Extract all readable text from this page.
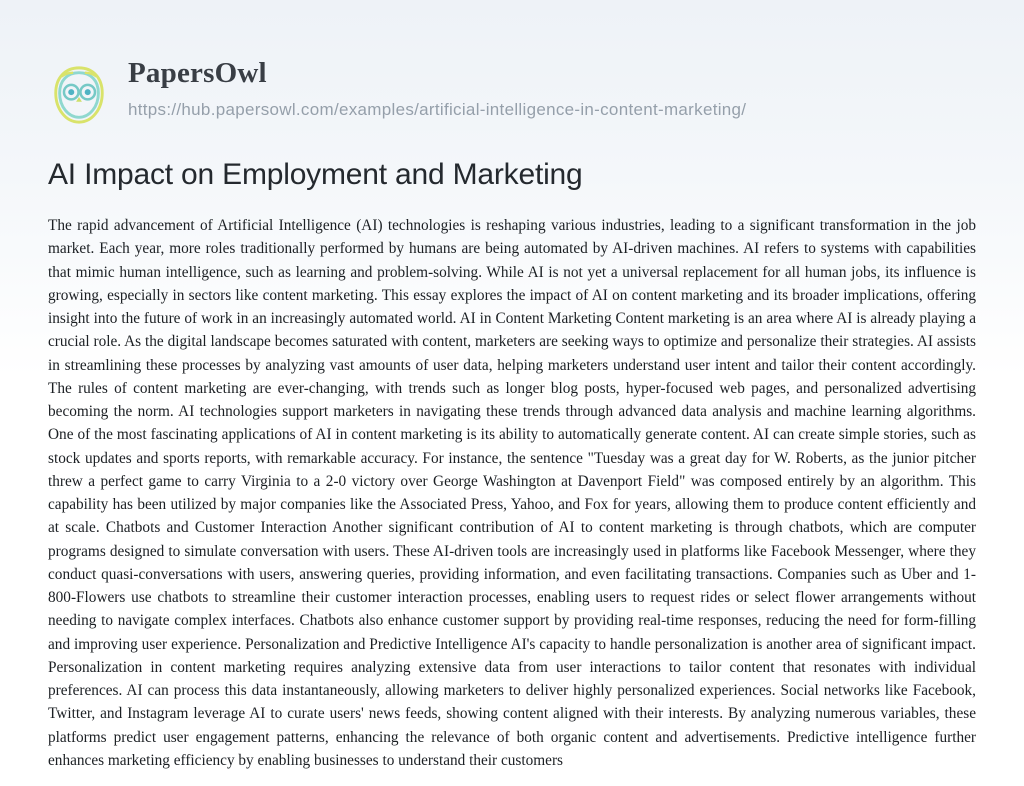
PapersOwl
https://hub.papersowl.com/examples/artificial-intelligence-in-content-marketing/
AI Impact on Employment and Marketing

The rapid advancement of Artificial Intelligence (AI) technologies is reshaping various industries, leading to a significant transformation in the job market. Each year, more roles traditionally performed by humans are being automated by AI-driven machines. AI refers to systems with capabilities that mimic human intelligence, such as learning and problem-solving. While AI is not yet a universal replacement for all human jobs, its influence is growing, especially in sectors like content marketing. This essay explores the impact of AI on content marketing and its broader implications, offering insight into the future of work in an increasingly automated world. AI in Content Marketing Content marketing is an area where AI is already playing a crucial role. As the digital landscape becomes saturated with content, marketers are seeking ways to optimize and personalize their strategies. AI assists in streamlining these processes by analyzing vast amounts of user data, helping marketers understand user intent and tailor their content accordingly. The rules of content marketing are ever-changing, with trends such as longer blog posts, hyper-focused web pages, and personalized advertising becoming the norm. AI technologies support marketers in navigating these trends through advanced data analysis and machine learning algorithms. One of the most fascinating applications of AI in content marketing is its ability to automatically generate content. AI can create simple stories, such as stock updates and sports reports, with remarkable accuracy. For instance, the sentence "Tuesday was a great day for W. Roberts, as the junior pitcher threw a perfect game to carry Virginia to a 2-0 victory over George Washington at Davenport Field" was composed entirely by an algorithm. This capability has been utilized by major companies like the Associated Press, Yahoo, and Fox for years, allowing them to produce content efficiently and at scale. Chatbots and Customer Interaction Another significant contribution of AI to content marketing is through chatbots, which are computer programs designed to simulate conversation with users. These AI-driven tools are increasingly used in platforms like Facebook Messenger, where they conduct quasi-conversations with users, answering queries, providing information, and even facilitating transactions. Companies such as Uber and 1-800-Flowers use chatbots to streamline their customer interaction processes, enabling users to request rides or select flower arrangements without needing to navigate complex interfaces. Chatbots also enhance customer support by providing real-time responses, reducing the need for form-filling and improving user experience. Personalization and Predictive Intelligence AI's capacity to handle personalization is another area of significant impact. Personalization in content marketing requires analyzing extensive data from user interactions to tailor content that resonates with individual preferences. AI can process this data instantaneously, allowing marketers to deliver highly personalized experiences. Social networks like Facebook, Twitter, and Instagram leverage AI to curate users' news feeds, showing content aligned with their interests. By analyzing numerous variables, these platforms predict user engagement patterns, enhancing the relevance of both organic content and advertisements. Predictive intelligence further enhances marketing efficiency by enabling businesses to understand their customers
